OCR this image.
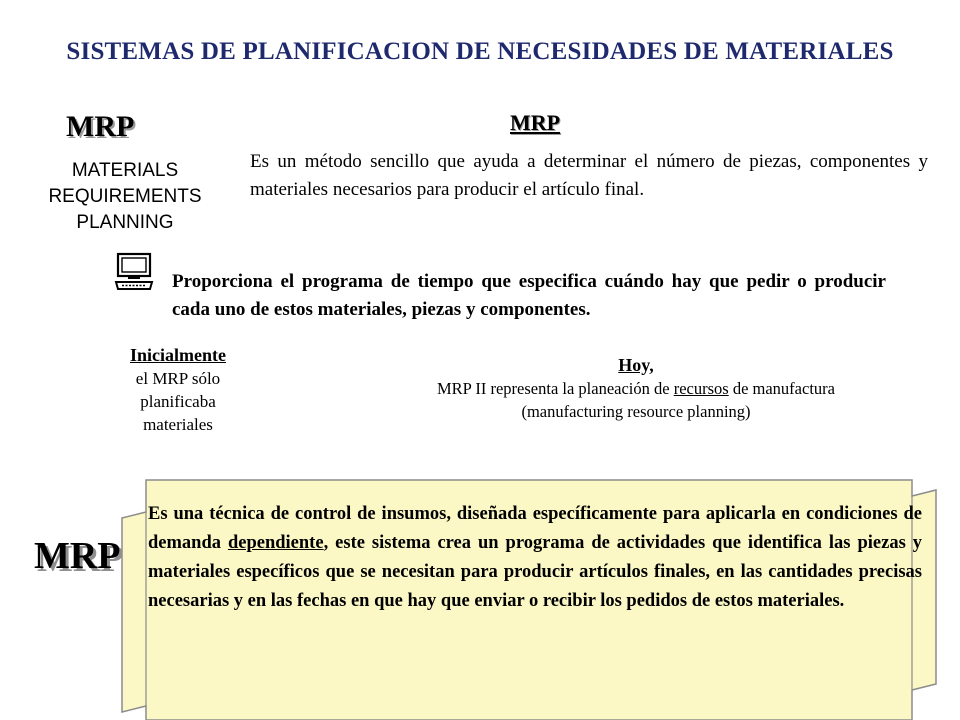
SISTEMAS DE PLANIFICACION DE NECESIDADES DE MATERIALES
MRP
MATERIALS
REQUIREMENTS
PLANNING
MRP
Es un método sencillo que ayuda a determinar el número de piezas, componentes y materiales necesarios para producir el artículo final.
Proporciona el programa de tiempo que especifica cuándo hay que pedir o producir cada uno de estos materiales, piezas y componentes.
Inicialmente
el MRP sólo
planificaba
materiales
Hoy,
MRP II representa la planeación de recursos de manufactura
(manufacturing resource planning)
MRP
Es una técnica de control de insumos, diseñada específicamente para aplicarla en condiciones de demanda dependiente, este sistema crea un programa de actividades que identifica las piezas y materiales específicos que se necesitan para producir artículos finales, en las cantidades precisas necesarias y en las fechas en que hay que enviar o recibir los pedidos de estos materiales.
